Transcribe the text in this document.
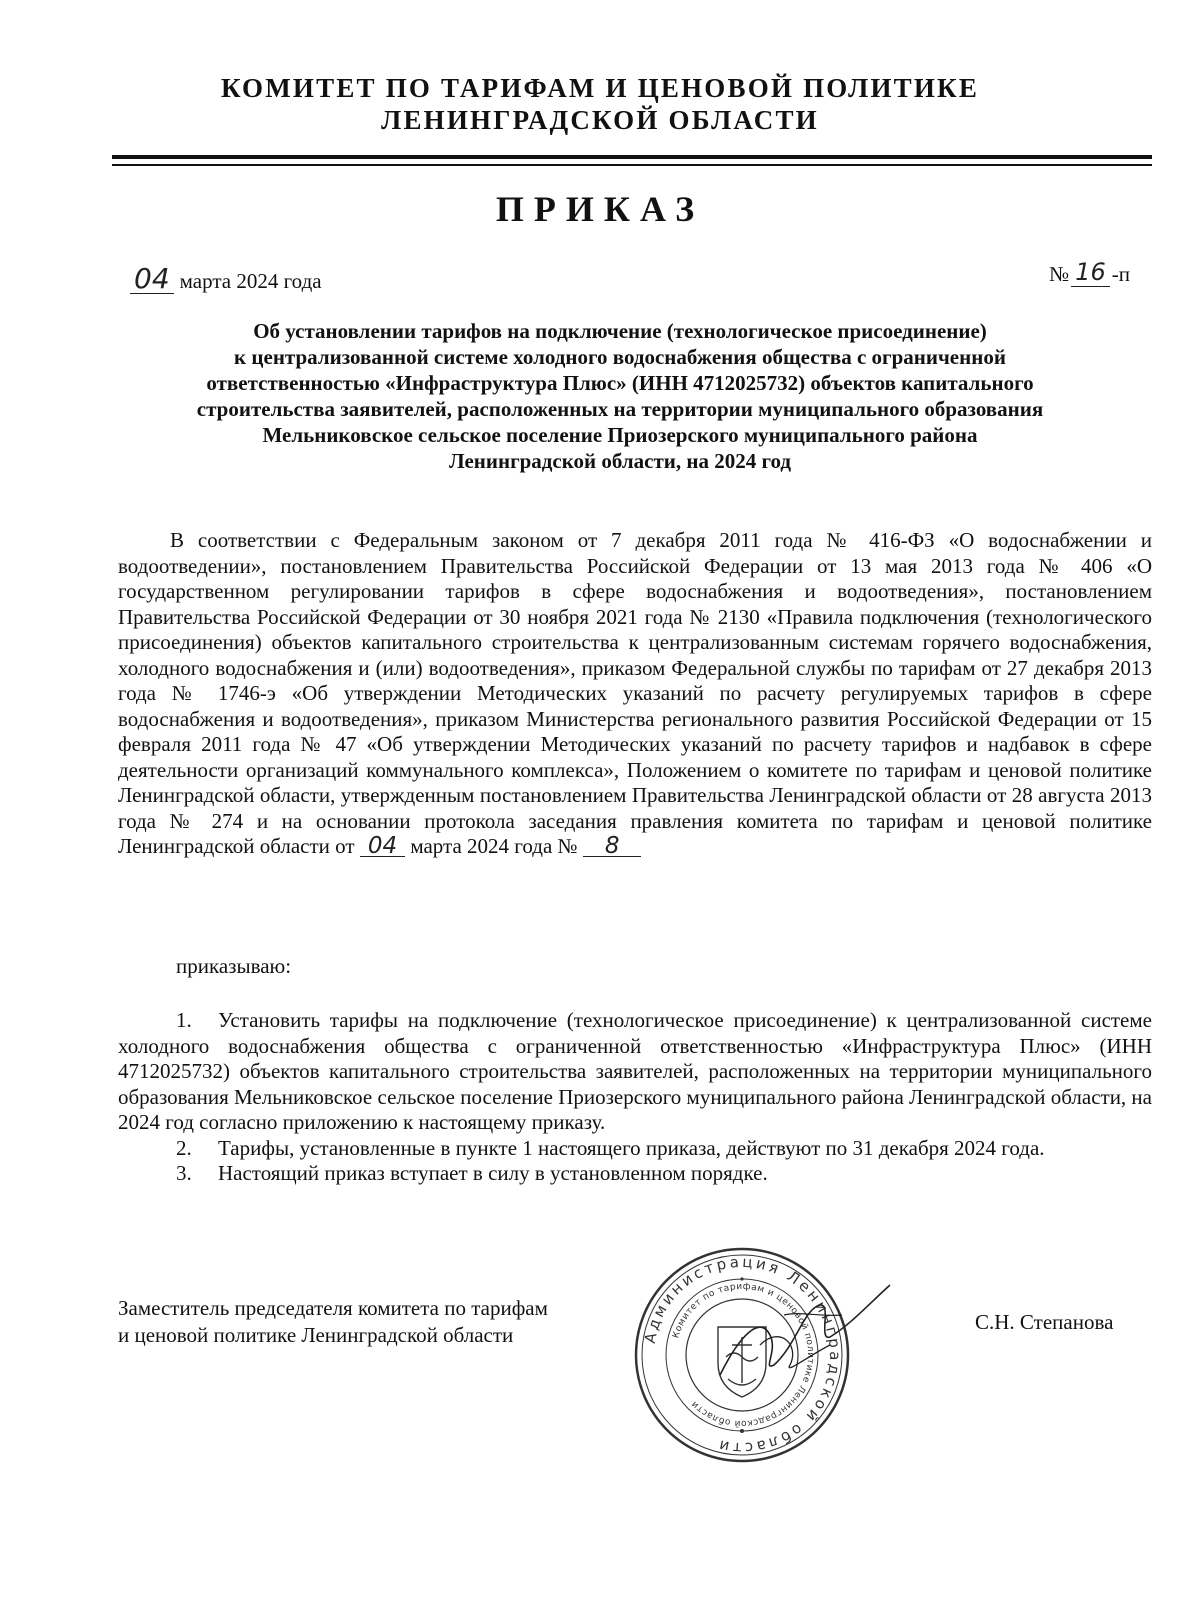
КОМИТЕТ ПО ТАРИФАМ И ЦЕНОВОЙ ПОЛИТИКЕ
ЛЕНИНГРАДСКОЙ ОБЛАСТИ
ПРИКАЗ
04 марта 2024 года	№ 16 -п
Об установлении тарифов на подключение (технологическое присоединение)
к централизованной системе холодного водоснабжения общества с ограниченной
ответственностью «Инфраструктура Плюс» (ИНН 4712025732) объектов капитального
строительства заявителей, расположенных на территории муниципального образования
Мельниковское сельское поселение Приозерского муниципального района
Ленинградской области, на 2024 год

В соответствии с Федеральным законом от 7 декабря 2011 года № 416-ФЗ «О водоснабжении и водоотведении», постановлением Правительства Российской Федерации от 13 мая 2013 года № 406 «О государственном регулировании тарифов в сфере водоснабжения и водоотведения», постановлением Правительства Российской Федерации от 30 ноября 2021 года № 2130 «Правила подключения (технологического присоединения) объектов капитального строительства к централизованным системам горячего водоснабжения, холодного водоснабжения и (или) водоотведения», приказом Федеральной службы по тарифам от 27 декабря 2013 года № 1746-э «Об утверждении Методических указаний по расчету регулируемых тарифов в сфере водоснабжения и водоотведения», приказом Министерства регионального развития Российской Федерации от 15 февраля 2011 года № 47 «Об утверждении Методических указаний по расчету тарифов и надбавок в сфере деятельности организаций коммунального комплекса», Положением о комитете по тарифам и ценовой политике Ленинградской области, утвержденным постановлением Правительства Ленинградской области от 28 августа 2013 года № 274 и на основании протокола заседания правления комитета по тарифам и ценовой политике Ленинградской области от 04 марта 2024 года № 8

приказываю:

1. Установить тарифы на подключение (технологическое присоединение) к централизованной системе холодного водоснабжения общества с ограниченной ответственностью «Инфраструктура Плюс» (ИНН 4712025732) объектов капитального строительства заявителей, расположенных на территории муниципального образования Мельниковское сельское поселение Приозерского муниципального района Ленинградской области, на 2024 год согласно приложению к настоящему приказу.

2. Тарифы, установленные в пункте 1 настоящего приказа, действуют по 31 декабря 2024 года.

3. Настоящий приказ вступает в силу в установленном порядке.

Заместитель председателя комитета по тарифам
и ценовой политике Ленинградской области	Администрация Ленинградской области
Комитет по тарифам и ценовой политике Ленинградской области
С.Н. Степанова
